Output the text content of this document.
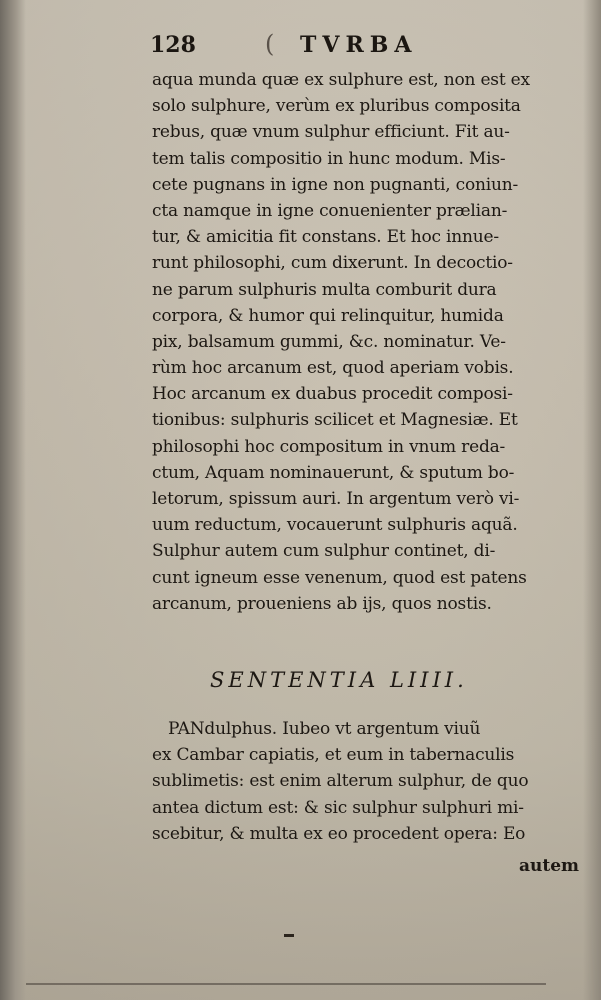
128	( TVRBA
aqua munda quæ ex sulphure est, non est ex
solo sulphure, verùm ex pluribus composita
rebus, quæ vnum sulphur efficiunt. Fit au-
tem talis compositio in hunc modum. Mis-
cete pugnans in igne non pugnanti, coniun-
cta namque in igne conuenienter prælian-
tur, & amicitia fit constans. Et hoc innue-
runt philosophi, cum dixerunt. In decoctio-
ne parum sulphuris multa comburit dura
corpora, & humor qui relinquitur, humida
pix, balsamum gummi, &c. nominatur. Ve-
rùm hoc arcanum est, quod aperiam vobis.
Hoc arcanum ex duabus procedit composi-
tionibus: sulphuris scilicet et Magnesiæ. Et
philosophi hoc compositum in vnum reda-
ctum, Aquam nominauerunt, & sputum bo-
letorum, spissum auri. In argentum verò vi-
uum reductum, vocauerunt sulphuris aquã.
Sulphur autem cum sulphur continet, di-
cunt igneum esse venenum, quod est patens
arcanum, proueniens ab ijs, quos nostis.
SENTENTIA LIIII.
PANdulphus. Iubeo vt argentum viuũ
ex Cambar capiatis, et eum in tabernaculis
sublimetis: est enim alterum sulphur, de quo
antea dictum est: & sic sulphur sulphuri mi-
scebitur, & multa ex eo procedent opera: Eo
autem
